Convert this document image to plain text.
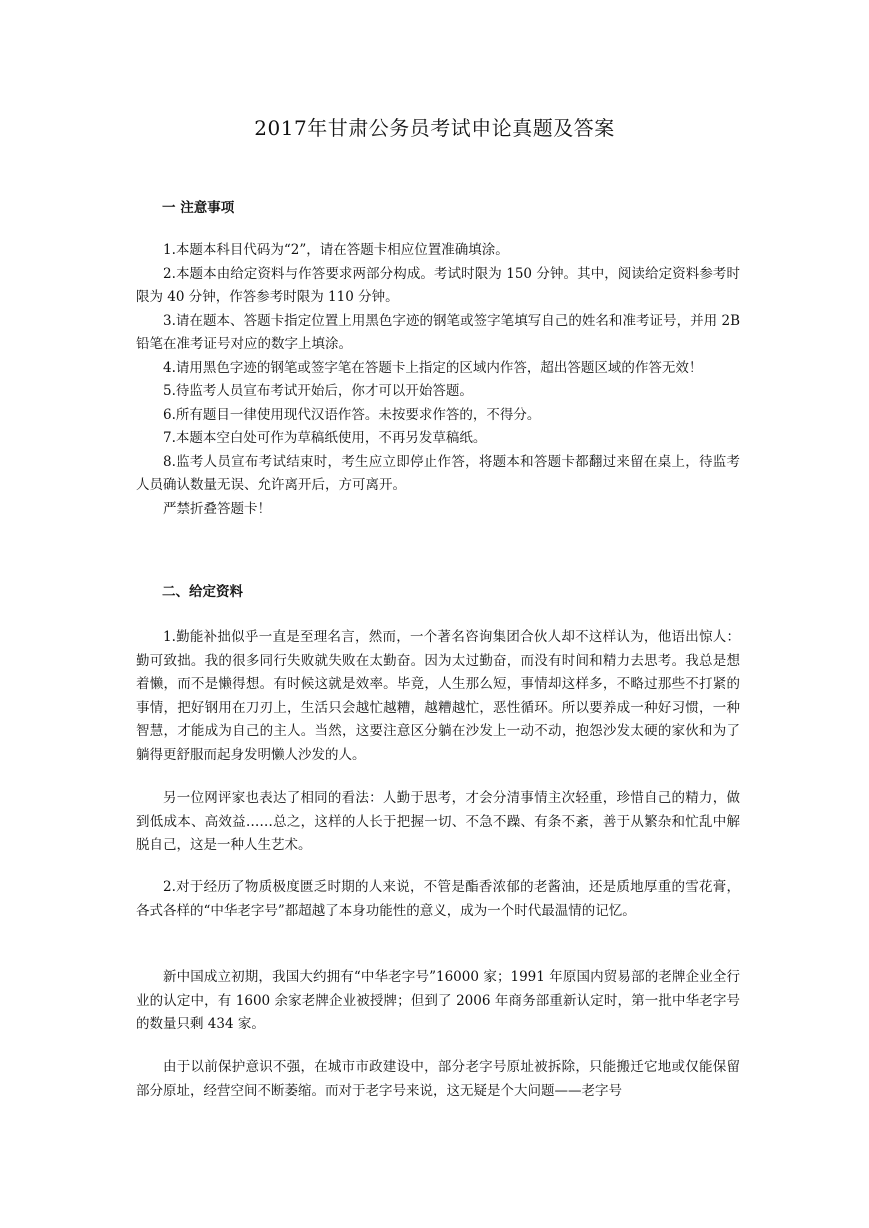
2017年甘肃公务员考试申论真题及答案
一 注意事项

1.本题本科目代码为“2”，请在答题卡相应位置准确填涂。

2.本题本由给定资料与作答要求两部分构成。考试时限为 150 分钟。其中，阅读给定资料参考时限为 40 分钟，作答参考时限为 110 分钟。

3.请在题本、答题卡指定位置上用黑色字迹的钢笔或签字笔填写自己的姓名和准考证号，并用 2B 铅笔在准考证号对应的数字上填涂。

4.请用黑色字迹的钢笔或签字笔在答题卡上指定的区域内作答，超出答题区域的作答无效！

5.待监考人员宣布考试开始后，你才可以开始答题。

6.所有题目一律使用现代汉语作答。未按要求作答的，不得分。

7.本题本空白处可作为草稿纸使用，不再另发草稿纸。

8.监考人员宣布考试结束时，考生应立即停止作答，将题本和答题卡都翻过来留在桌上，待监考人员确认数量无误、允许离开后，方可离开。

严禁折叠答题卡！

二、给定资料

1.勤能补拙似乎一直是至理名言，然而，一个著名咨询集团合伙人却不这样认为，他语出惊人：勤可致拙。我的很多同行失败就失败在太勤奋。因为太过勤奋，而没有时间和精力去思考。我总是想着懒，而不是懒得想。有时候这就是效率。毕竟，人生那么短，事情却这样多，不略过那些不打紧的事情，把好钢用在刀刃上，生活只会越忙越糟，越糟越忙，恶性循环。所以要养成一种好习惯，一种智慧，才能成为自己的主人。当然，这要注意区分躺在沙发上一动不动，抱怨沙发太硬的家伙和为了躺得更舒服而起身发明懒人沙发的人。

另一位网评家也表达了相同的看法：人勤于思考，才会分清事情主次轻重，珍惜自己的精力，做到低成本、高效益……总之，这样的人长于把握一切、不急不躁、有条不紊，善于从繁杂和忙乱中解脱自己，这是一种人生艺术。

2.对于经历了物质极度匮乏时期的人来说，不管是酯香浓郁的老酱油，还是质地厚重的雪花膏，各式各样的“中华老字号”都超越了本身功能性的意义，成为一个时代最温情的记忆。

新中国成立初期，我国大约拥有“中华老字号”16000 家；1991 年原国内贸易部的老牌企业全行业的认定中，有 1600 余家老牌企业被授牌；但到了 2006 年商务部重新认定时，第一批中华老字号的数量只剩 434 家。

由于以前保护意识不强，在城市市政建设中，部分老字号原址被拆除，只能搬迁它地或仅能保留部分原址，经营空间不断萎缩。而对于老字号来说，这无疑是个大问题——老字号
